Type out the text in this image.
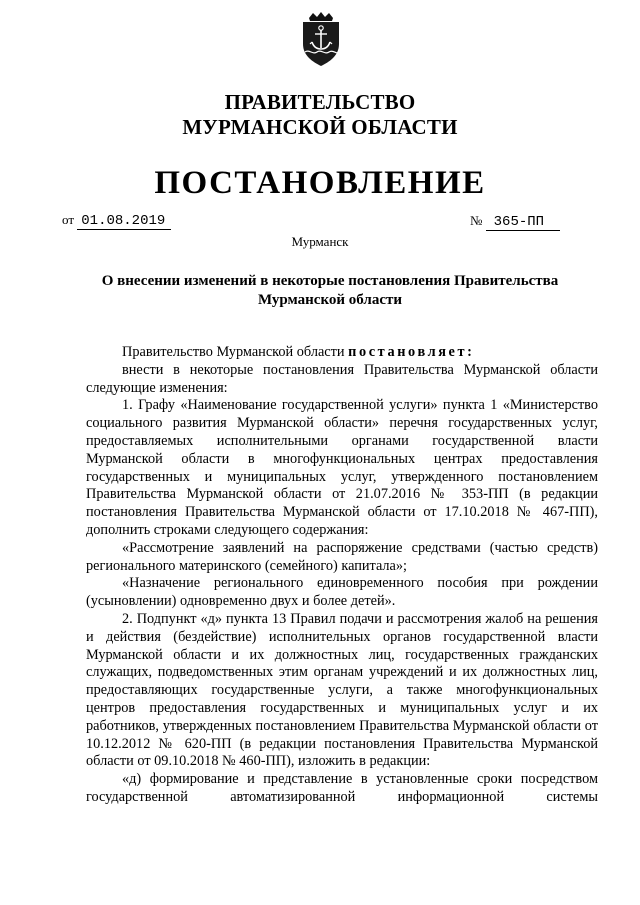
ПРАВИТЕЛЬСТВО
МУРМАНСКОЙ ОБЛАСТИ
ПОСТАНОВЛЕНИЕ
от 01.08.2019	№ 365-ПП
Мурманск
О внесении изменений в некоторые постановления Правительства
Мурманской области

Правительство Мурманской области постановляет:

внести в некоторые постановления Правительства Мурманской области следующие изменения:

1. Графу «Наименование государственной услуги» пункта 1 «Министерство социального развития Мурманской области» перечня государственных услуг, предоставляемых исполнительными органами государственной власти Мурманской области в многофункциональных центрах предоставления государственных и муниципальных услуг, утвержденного постановлением Правительства Мурманской области от 21.07.2016 № 353-ПП (в редакции постановления Правительства Мурманской области от 17.10.2018 № 467-ПП), дополнить строками следующего содержания:

«Рассмотрение заявлений на распоряжение средствами (частью средств) регионального материнского (семейного) капитала»;

«Назначение регионального единовременного пособия при рождении (усыновлении) одновременно двух и более детей».

2. Подпункт «д» пункта 13 Правил подачи и рассмотрения жалоб на решения и действия (бездействие) исполнительных органов государственной власти Мурманской области и их должностных лиц, государственных гражданских служащих, подведомственных этим органам учреждений и их должностных лиц, предоставляющих государственные услуги, а также многофункциональных центров предоставления государственных и муниципальных услуг и их работников, утвержденных постановлением Правительства Мурманской области от 10.12.2012 № 620-ПП (в редакции постановления Правительства Мурманской области от 09.10.2018 № 460-ПП), изложить в редакции:

«д) формирование и представление в установленные сроки посредством государственной автоматизированной информационной системы
